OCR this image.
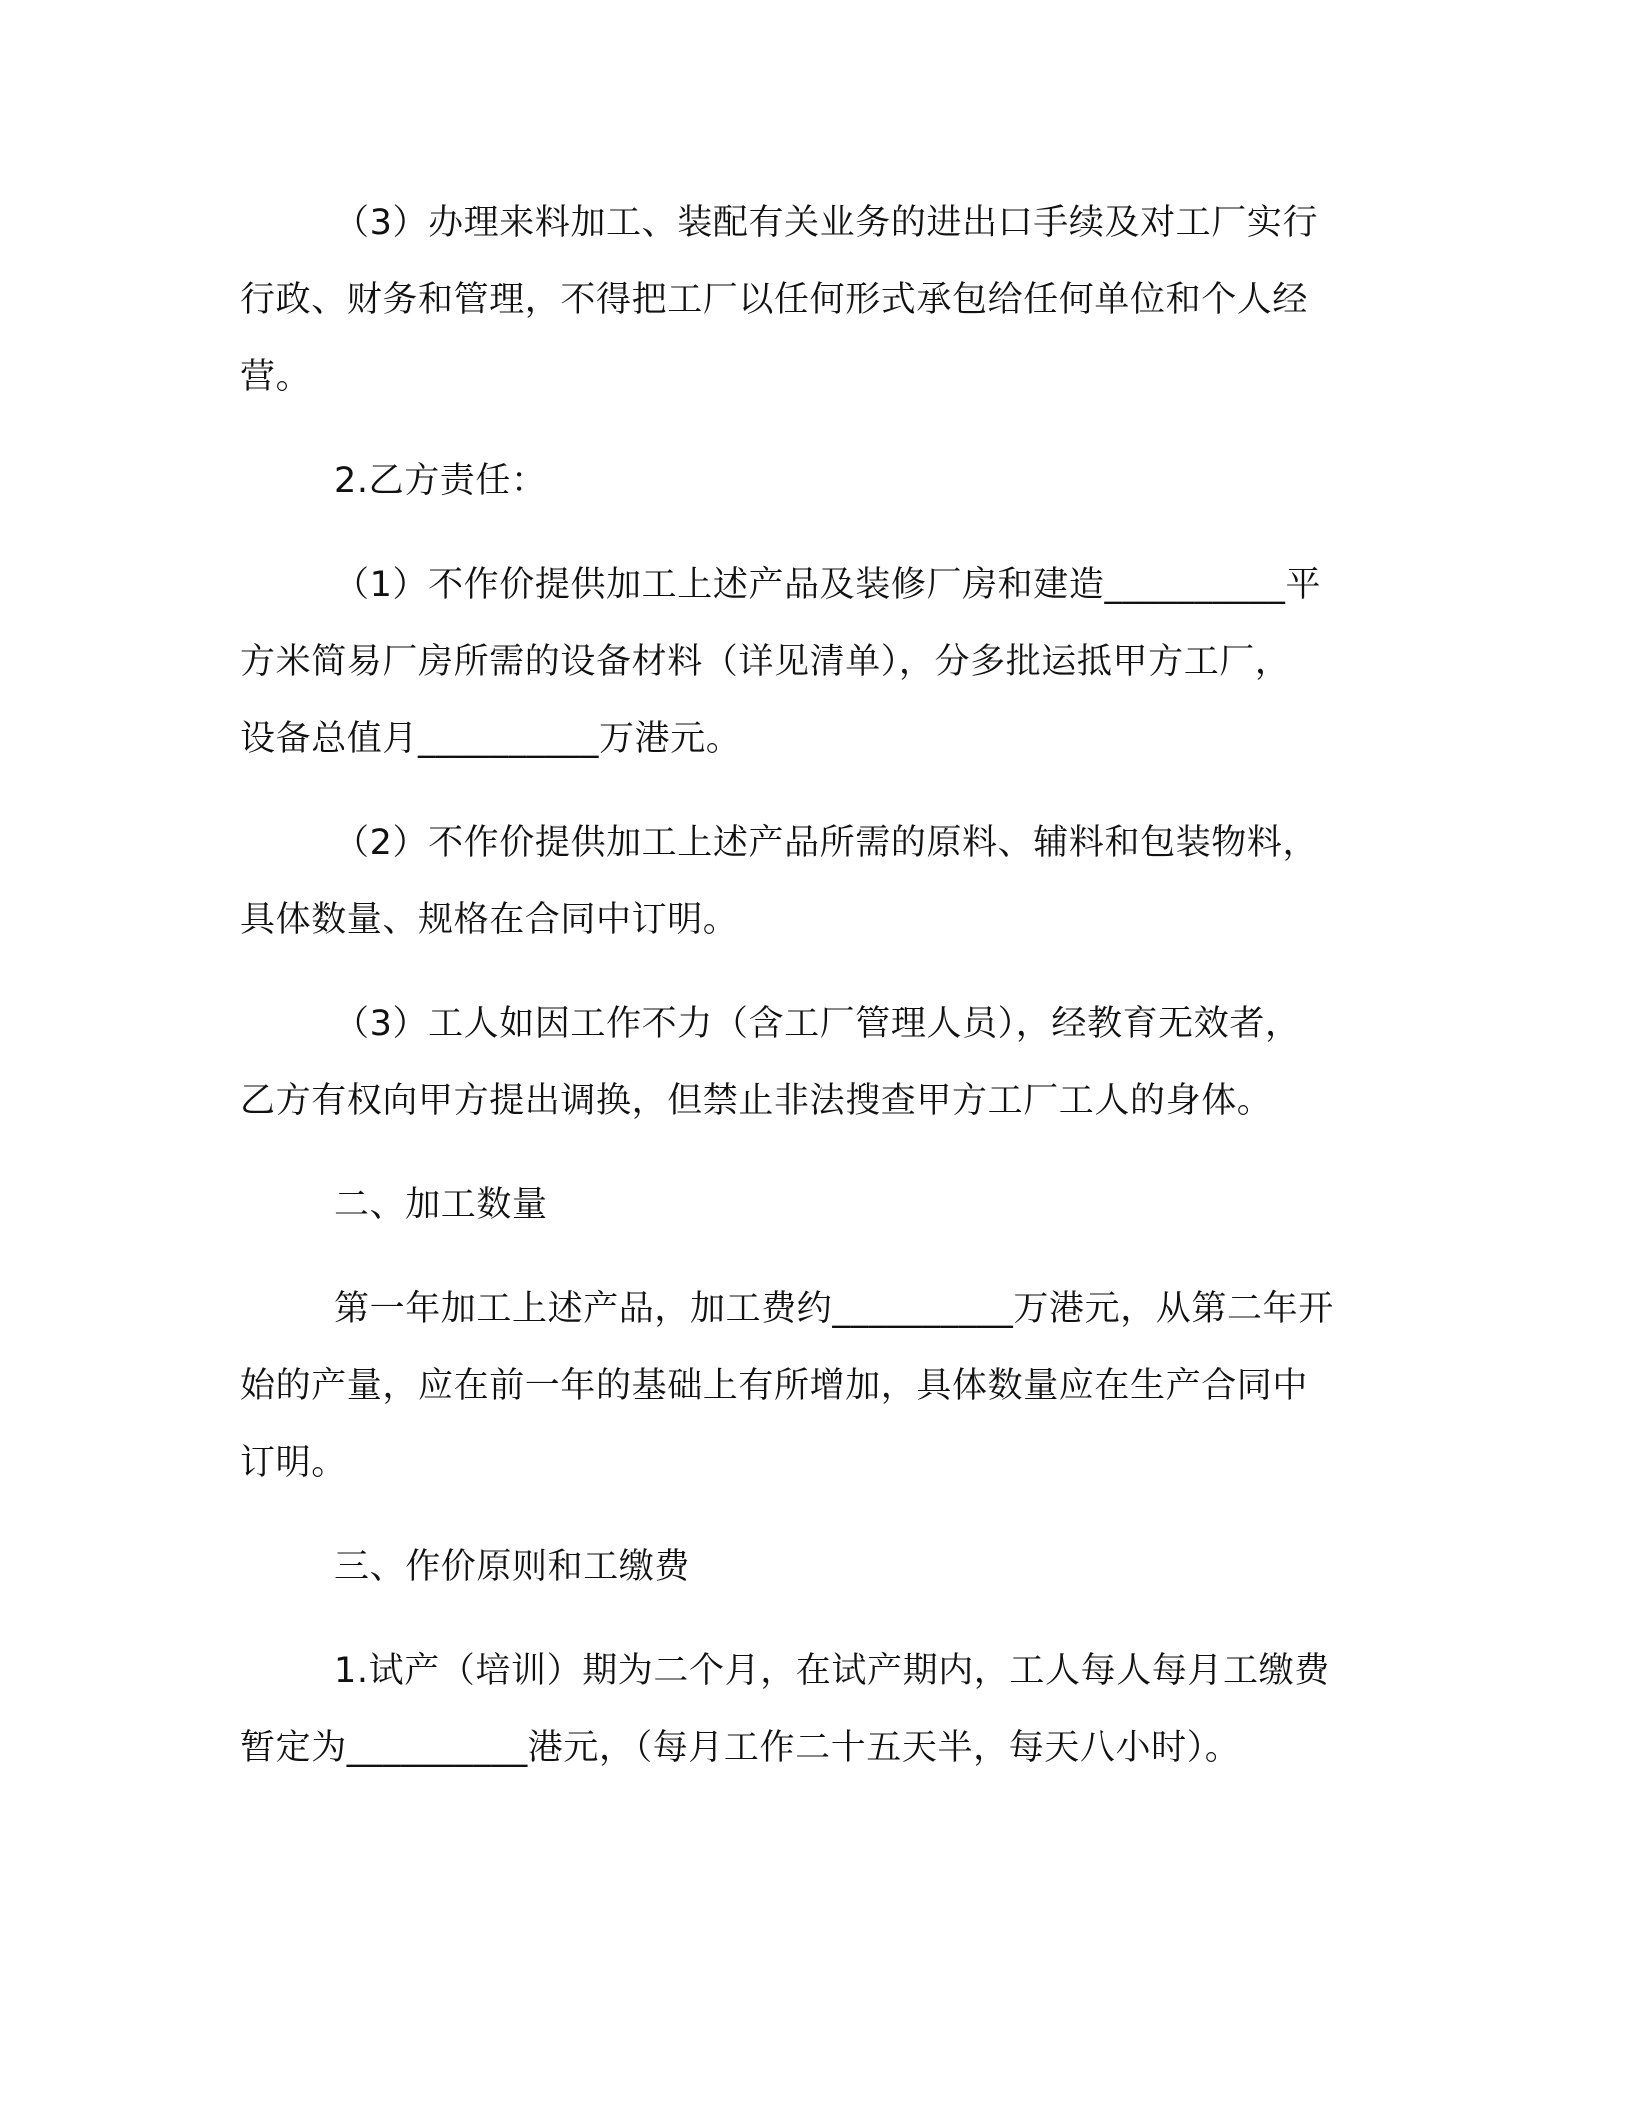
（3）办理来料加工、装配有关业务的进出口手续及对工厂实行
行政、财务和管理，不得把工厂以任何形式承包给任何单位和个人经
营。
2.乙方责任：
（1）不作价提供加工上述产品及装修厂房和建造__________平
方米简易厂房所需的设备材料（详见清单），分多批运抵甲方工厂，
设备总值月__________万港元。
（2）不作价提供加工上述产品所需的原料、辅料和包装物料，
具体数量、规格在合同中订明。
（3）工人如因工作不力（含工厂管理人员），经教育无效者，
乙方有权向甲方提出调换，但禁止非法搜查甲方工厂工人的身体。
二、加工数量
第一年加工上述产品，加工费约__________万港元，从第二年开
始的产量，应在前一年的基础上有所增加，具体数量应在生产合同中
订明。
三、作价原则和工缴费
1.试产（培训）期为二个月，在试产期内，工人每人每月工缴费
暂定为__________港元，（每月工作二十五天半，每天八小时）。
